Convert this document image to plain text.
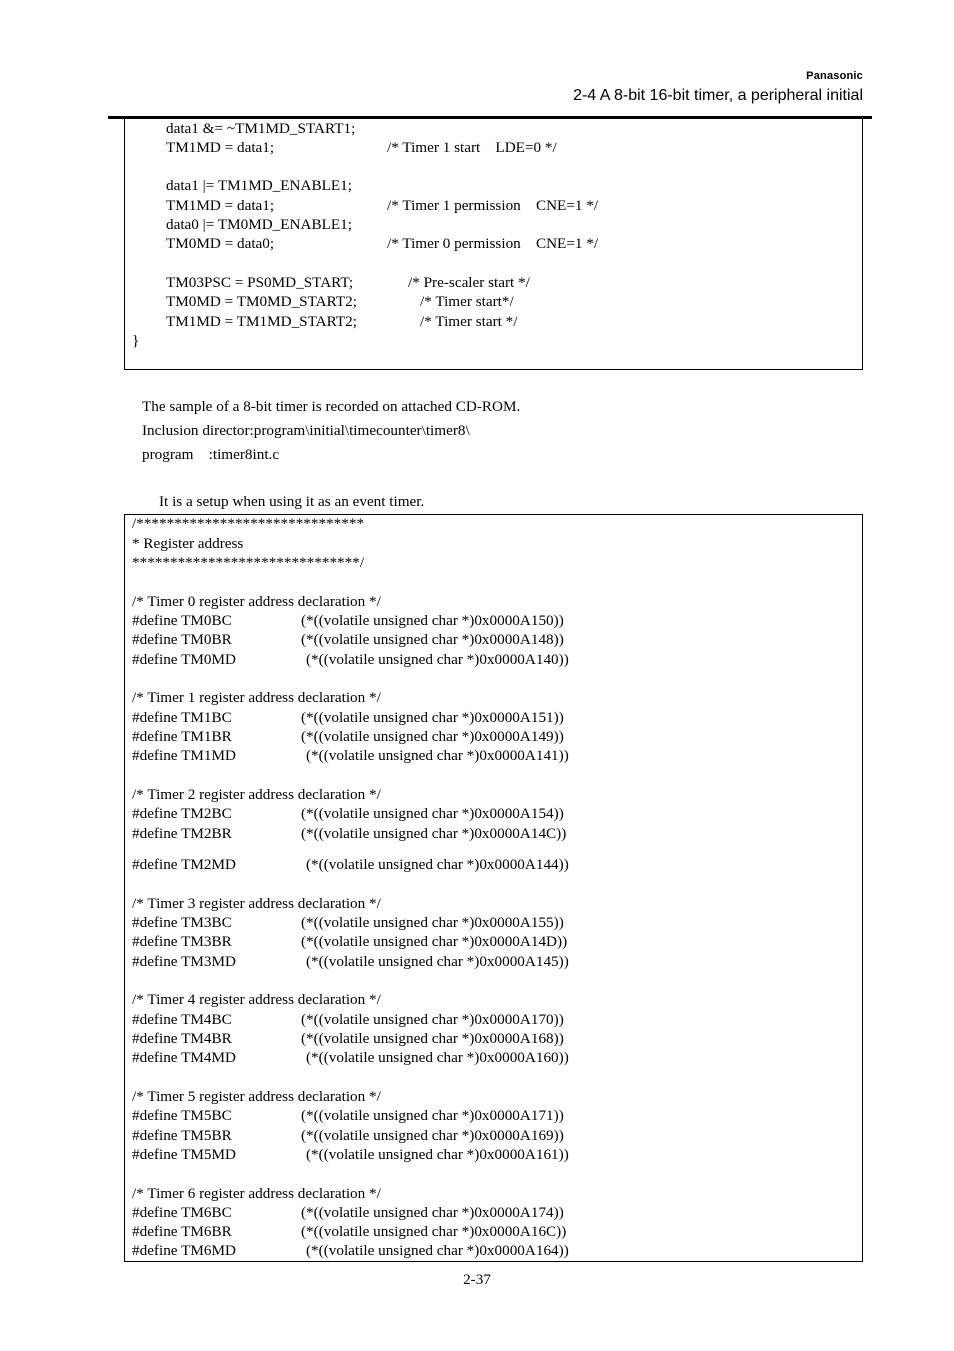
Panasonic
2-4 A 8-bit 16-bit timer, a peripheral initial
data1 &= ~TM1MD_START1;
TM1MD = data1;	/* Timer 1 start    LDE=0 */
data1 |= TM1MD_ENABLE1;
TM1MD = data1;	/* Timer 1 permission    CNE=1 */
data0 |= TM0MD_ENABLE1;
TM0MD = data0;	/* Timer 0 permission    CNE=1 */
TM03PSC = PS0MD_START;	/* Pre-scaler start */
TM0MD = TM0MD_START2;	/* Timer start*/
TM1MD = TM1MD_START2;	/* Timer start */
}
The sample of a 8-bit timer is recorded on attached CD-ROM.
Inclusion director:program\initial\timecounter\timer8\
program    :timer8int.c
It is a setup when using it as an event timer.
/******************************
* Register address
******************************/
/* Timer 0 register address declaration */
#define TM0BC	(*((volatile unsigned char *)0x0000A150))
#define TM0BR	(*((volatile unsigned char *)0x0000A148))
#define TM0MD	(*((volatile unsigned char *)0x0000A140))
/* Timer 1 register address declaration */
#define TM1BC	(*((volatile unsigned char *)0x0000A151))
#define TM1BR	(*((volatile unsigned char *)0x0000A149))
#define TM1MD	(*((volatile unsigned char *)0x0000A141))
/* Timer 2 register address declaration */
#define TM2BC	(*((volatile unsigned char *)0x0000A154))
#define TM2BR	(*((volatile unsigned char *)0x0000A14C))
#define TM2MD	(*((volatile unsigned char *)0x0000A144))
/* Timer 3 register address declaration */
#define TM3BC	(*((volatile unsigned char *)0x0000A155))
#define TM3BR	(*((volatile unsigned char *)0x0000A14D))
#define TM3MD	(*((volatile unsigned char *)0x0000A145))
/* Timer 4 register address declaration */
#define TM4BC	(*((volatile unsigned char *)0x0000A170))
#define TM4BR	(*((volatile unsigned char *)0x0000A168))
#define TM4MD	(*((volatile unsigned char *)0x0000A160))
/* Timer 5 register address declaration */
#define TM5BC	(*((volatile unsigned char *)0x0000A171))
#define TM5BR	(*((volatile unsigned char *)0x0000A169))
#define TM5MD	(*((volatile unsigned char *)0x0000A161))
/* Timer 6 register address declaration */
#define TM6BC	(*((volatile unsigned char *)0x0000A174))
#define TM6BR	(*((volatile unsigned char *)0x0000A16C))
#define TM6MD	(*((volatile unsigned char *)0x0000A164))
2-37
